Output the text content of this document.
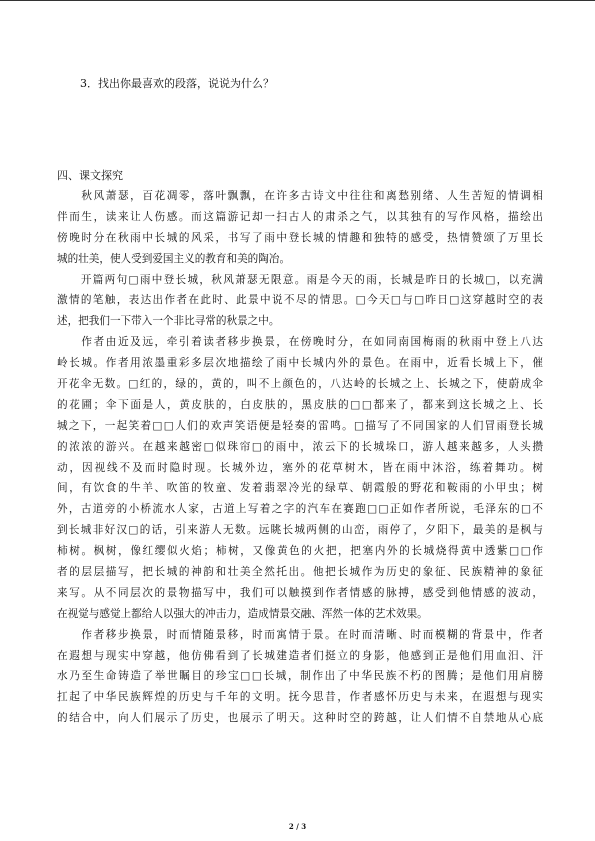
3．找出你最喜欢的段落，说说为什么？
四、课文探究
　　秋风萧瑟，百花凋零，落叶飘飘，在许多古诗文中往往和离愁别绪、人生苦短的情调相
伴而生，读来让人伤感。而这篇游记却一扫古人的肃杀之气，以其独有的写作风格，描绘出
傍晚时分在秋雨中长城的风采，书写了雨中登长城的情趣和独特的感受，热情赞颂了万里长
城的壮美，使人受到爱国主义的教育和美的陶冶。
　　开篇两句□雨中登长城，秋风萧瑟无限意。雨是今天的雨，长城是昨日的长城□，以充满
激情的笔触，表达出作者在此时、此景中说不尽的情思。□今天□与□昨日□这穿越时空的表
述，把我们一下带入一个非比寻常的秋景之中。
　　作者由近及远，牵引着读者移步换景，在傍晚时分，在如同南国梅雨的秋雨中登上八达
岭长城。作者用浓墨重彩多层次地描绘了雨中长城内外的景色。在雨中，近看长城上下，催
开花伞无数。□红的，绿的，黄的，叫不上颜色的，八达岭的长城之上、长城之下，使蔚成伞
的花圃；伞下面是人，黄皮肤的，白皮肤的，黑皮肤的□□都来了，都来到这长城之上、长
城之下，一起笑着□□人们的欢声笑语便是轻奏的雷鸣。□描写了不同国家的人们冒雨登长城
的浓浓的游兴。在越来越密□似珠帘□的雨中，浓云下的长城垛口，游人越来越多，人头攒
动，因视线不及而时隐时现。长城外边，塞外的花草树木，皆在雨中沐浴，练着舞功。树
间，有饮食的牛羊、吹笛的牧童、发着翡翠冷光的绿草、朝霞般的野花和鞍雨的小甲虫；树
外，古道旁的小桥流水人家，古道上写着之字的汽车在赛跑□□正如作者所说，毛泽东的□不
到长城非好汉□的话，引来游人无数。远眺长城两侧的山峦，雨停了，夕阳下，最美的是枫与
柿树。枫树，像红缨似火焰；柿树，又像黄色的火把，把塞内外的长城烧得黄中透紫□□作
者的层层描写，把长城的神韵和壮美全然托出。他把长城作为历史的象征、民族精神的象征
来写。从不同层次的景物描写中，我们可以触摸到作者情感的脉搏，感受到他情感的波动，
在视觉与感觉上都给人以强大的冲击力，造成情景交融、浑然一体的艺术效果。
　　作者移步换景，时而情随景移，时而寓情于景。在时而清晰、时而模糊的背景中，作者
在遐想与现实中穿越，他仿佛看到了长城建造者们挺立的身影，他感到正是他们用血汨、汗
水乃至生命铸造了举世瞩目的珍宝□□长城，制作出了中华民族不朽的图腾；是他们用肩膀
扛起了中华民族辉煌的历史与千年的文明。抚今思昔，作者感怀历史与未来，在遐想与现实
的结合中，向人们展示了历史，也展示了明天。这种时空的跨越，让人们情不自禁地从心底
2 / 3
